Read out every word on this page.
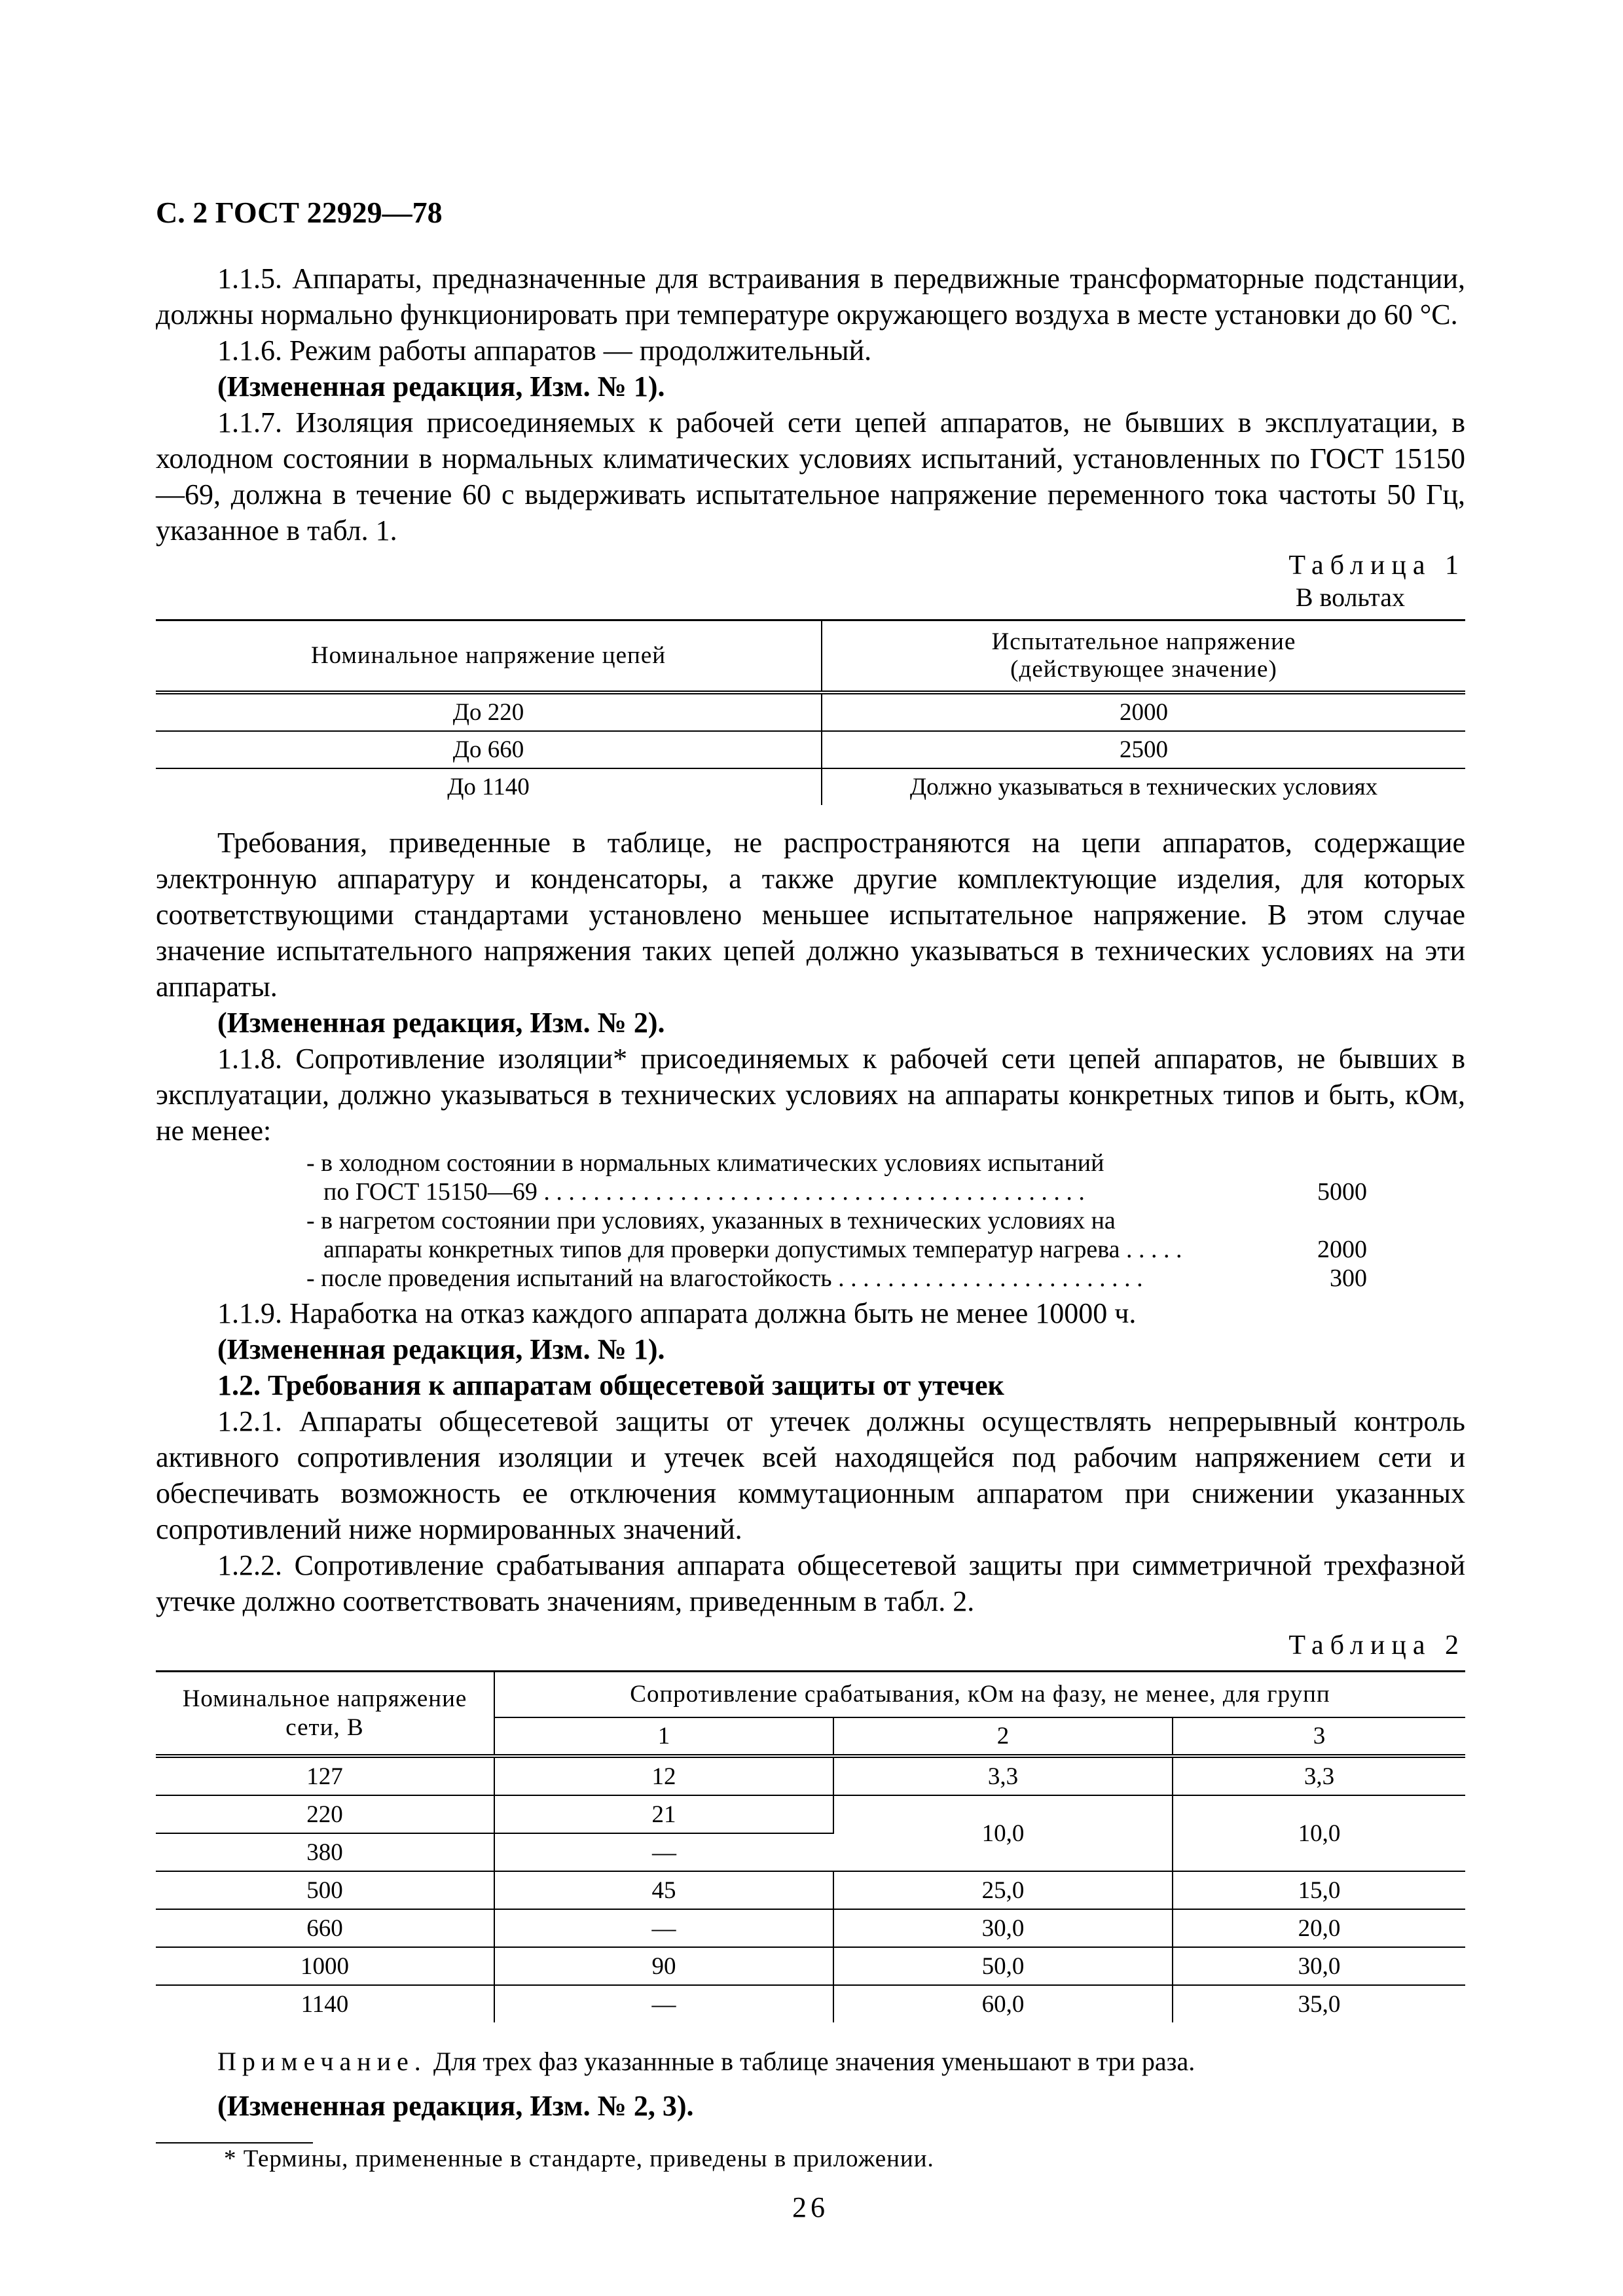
С. 2 ГОСТ 22929—78

1.1.5. Аппараты, предназначенные для встраивания в передвижные трансформаторные подстанции, должны нормально функционировать при температуре окружающего воздуха в месте установки до 60 °С.

1.1.6. Режим работы аппаратов — продолжительный.

(Измененная редакция, Изм. № 1).

1.1.7. Изоляция присоединяемых к рабочей сети цепей аппаратов, не бывших в эксплуатации, в холодном состоянии в нормальных климатических условиях испытаний, установленных по ГОСТ 15150—69, должна в течение 60 с выдерживать испытательное напряжение переменного тока частоты 50 Гц, указанное в табл. 1.

Таблица 1
В вольтах
Номинальное напряжение цепей	Испытательное напряжение
(действующее значение)
До 220	2000
До 660	2500
До 1140	Должно указываться в технических условиях

Требования, приведенные в таблице, не распространяются на цепи аппаратов, содержащие электронную аппаратуру и конденсаторы, а также другие комплектующие изделия, для которых соответствующими стандартами установлено меньшее испытательное напряжение. В этом случае значение испытательного напряжения таких цепей должно указываться в технических условиях на эти аппараты.

(Измененная редакция, Изм. № 2).

1.1.8. Сопротивление изоляции* присоединяемых к рабочей сети цепей аппаратов, не бывших в эксплуатации, должно указываться в технических условиях на аппараты конкретных типов и быть, кОм, не менее:

- в холодном состоянии в нормальных климатических условиях испытаний
по ГОСТ 15150—69 . . . . . . . . . . . . . . . . . . . . . . . . . . . . . . . . . . . . . . . . . . . .	5000
- в нагретом состоянии при условиях, указанных в технических условиях на
аппараты конкретных типов для проверки допустимых температур нагрева . . . . .	2000
- после проведения испытаний на влагостойкость . . . . . . . . . . . . . . . . . . . . . . . . .	300

1.1.9. Наработка на отказ каждого аппарата должна быть не менее 10000 ч.

(Измененная редакция, Изм. № 1).

1.2. Требования к аппаратам общесетевой защиты от утечек

1.2.1. Аппараты общесетевой защиты от утечек должны осуществлять непрерывный контроль активного сопротивления изоляции и утечек всей находящейся под рабочим напряжением сети и обеспечивать возможность ее отключения коммутационным аппаратом при снижении указанных сопротивлений ниже нормированных значений.

1.2.2. Сопротивление срабатывания аппарата общесетевой защиты при симметричной трехфазной утечке должно соответствовать значениям, приведенным в табл. 2.

Таблица 2
Номинальное напряжение
сети, В	Сопротивление срабатывания, кОм на фазу, не менее, для групп		
	1	2	3
127	12	3,3	3,3
220	21	10,0	10,0
380	—		
500	45	25,0	15,0
660	—	30,0	20,0
1000	90	50,0	30,0
1140	—	60,0	35,0

Примечание. Для трех фаз указаннные в таблице значения уменьшают в три раза.

(Измененная редакция, Изм. № 2, 3).

* Термины, примененные в стандарте, приведены в приложении.
26
